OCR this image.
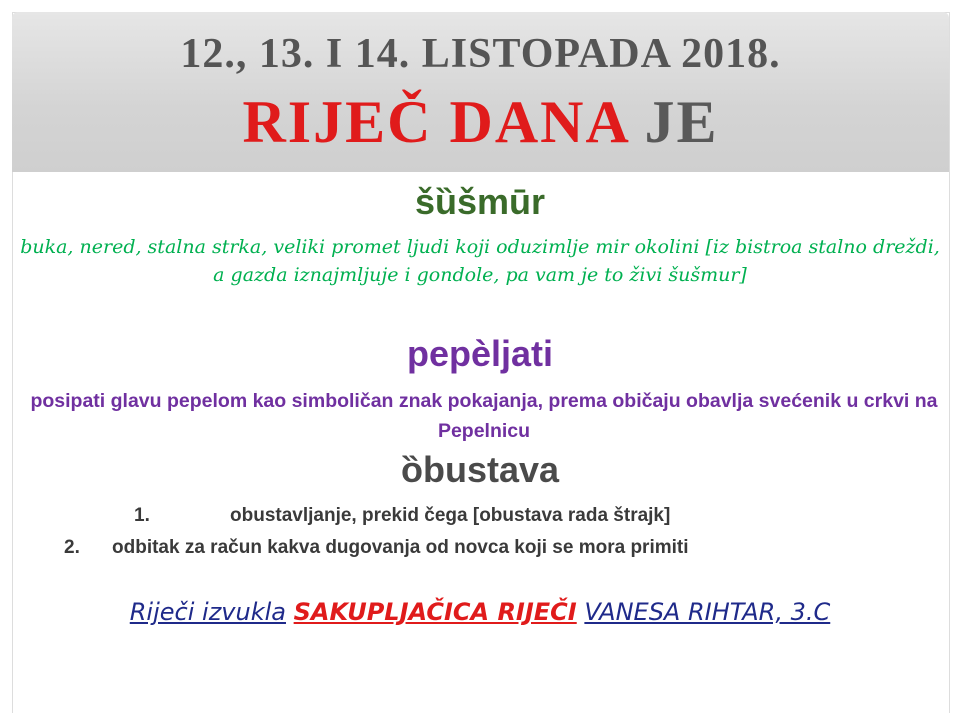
12., 13. I 14. LISTOPADA 2018.
RIJEČ DANA JE
šȕšmūr
buka, nered, stalna strka, veliki promet ljudi koji oduzimlje mir okolini [iz bistroa stalno dreždi, a gazda iznajmljuje i gondole, pa vam je to živi šušmur]
pepèljati
posipati glavu pepelom kao simboličan znak pokajanja, prema običaju obavlja svećenik u crkvi na Pepelnicu
ȍbustava
1.	obustavljanje, prekid čega [obustava rada štrajk]
2. odbitak za račun kakva dugovanja od novca koji se mora primiti
Riječi izvukla SAKUPLJAČICA RIJEČI VANESA RIHTAR, 3.C
